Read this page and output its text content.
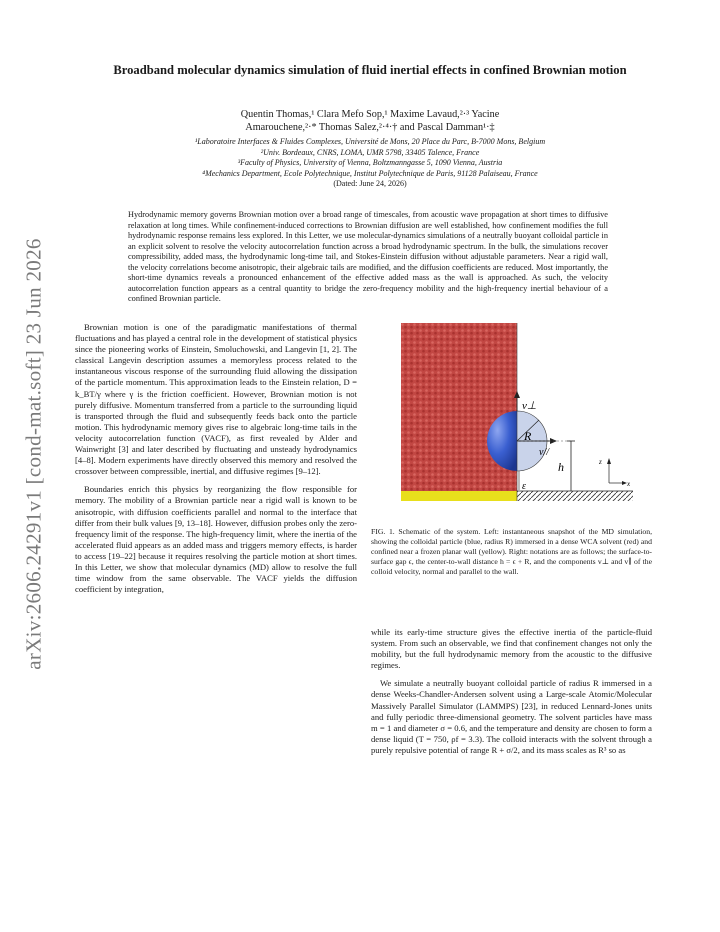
arXiv:2606.24291v1 [cond-mat.soft] 23 Jun 2026
Broadband molecular dynamics simulation of fluid inertial effects in confined Brownian motion
Quentin Thomas,¹ Clara Mefo Sop,¹ Maxime Lavaud,²·³ Yacine
Amarouchene,²·* Thomas Salez,²·⁴·† and Pascal Damman¹·‡
¹Laboratoire Interfaces & Fluides Complexes, Université de Mons, 20 Place du Parc, B-7000 Mons, Belgium
²Univ. Bordeaux, CNRS, LOMA, UMR 5798, 33405 Talence, France
³Faculty of Physics, University of Vienna, Boltzmanngasse 5, 1090 Vienna, Austria
⁴Mechanics Department, Ecole Polytechnique, Institut Polytechnique de Paris, 91128 Palaiseau, France
(Dated: June 24, 2026)
Hydrodynamic memory governs Brownian motion over a broad range of timescales, from acoustic wave propagation at short times to diffusive relaxation at long times. While confinement-induced corrections to Brownian diffusion are well established, how confinement modifies the full hydrodynamic response remains less explored. In this Letter, we use molecular-dynamics simulations of a neutrally buoyant colloidal particle in an explicit solvent to resolve the velocity autocorrelation function across a broad hydrodynamic spectrum. In the bulk, the simulations recover compressibility, added mass, the hydrodynamic long-time tail, and Stokes-Einstein diffusion without adjustable parameters. Near a rigid wall, the velocity correlations become anisotropic, their algebraic tails are modified, and the diffusion coefficients are reduced. Most importantly, the short-time dynamics reveals a pronounced enhancement of the effective added mass as the wall is approached. As such, the velocity autocorrelation function appears as a central quantity to bridge the zero-frequency mobility and the high-frequency inertial behaviour of a confined Brownian particle.

Brownian motion is one of the paradigmatic manifestations of thermal fluctuations and has played a central role in the development of statistical physics since the pioneering works of Einstein, Smoluchowski, and Langevin [1, 2]. The classical Langevin description assumes a memoryless process related to the instantaneous viscous response of the surrounding fluid allowing the dissipation of the particle momentum. This approximation leads to the Einstein relation, D = k_BT/γ where γ is the friction coefficient. However, Brownian motion is not purely diffusive. Momentum transferred from a particle to the surrounding liquid is transported through the fluid and subsequently feeds back onto the particle motion. This hydrodynamic memory gives rise to algebraic long-time tails in the velocity autocorrelation function (VACF), as first revealed by Alder and Wainwright [3] and later described by fluctuating and unsteady hydrodynamics [4–8]. Modern experiments have directly observed this memory and resolved the crossover between compressible, inertial, and diffusive regimes [9–12].

Boundaries enrich this physics by reorganizing the flow responsible for memory. The mobility of a Brownian particle near a rigid wall is known to be anisotropic, with diffusion coefficients parallel and normal to the interface that differ from their bulk values [9, 13–18]. However, diffusion probes only the zero-frequency limit of the response. The high-frequency limit, where the inertia of the accelerated fluid appears as an added mass and triggers memory effects, is harder to access [19–22] because it requires resolving the particle motion at short times. In this Letter, we show that molecular dynamics (MD) allow to resolve the full time window from the same observable. The VACF yields the diffusion coefficient by integration,

R
v⊥
v//
h
ε
z
x
FIG. 1. Schematic of the system. Left: instantaneous snapshot of the MD simulation, showing the colloidal particle (blue, radius R) immersed in a dense WCA solvent (red) and confined near a frozen planar wall (yellow). Right: notations are as follows; the surface-to-surface gap ϵ, the center-to-wall distance h = ϵ + R, and the components v⊥ and v∥ of the colloid velocity, normal and parallel to the wall.

while its early-time structure gives the effective inertia of the particle-fluid system. From such an observable, we find that confinement changes not only the mobility, but the full hydrodynamic memory from the acoustic to the diffusive regimes.

We simulate a neutrally buoyant colloidal particle of radius R immersed in a dense Weeks-Chandler-Andersen solvent using a Large-scale Atomic/Molecular Massively Parallel Simulator (LAMMPS) [23], in reduced Lennard-Jones units and fully periodic three-dimensional geometry. The solvent particles have mass m = 1 and diameter σ = 0.6, and the temperature and density are chosen to form a dense liquid (T = 750, ρf = 3.3). The colloid interacts with the solvent through a purely repulsive potential of range R + σ/2, and its mass scales as R³ so as
